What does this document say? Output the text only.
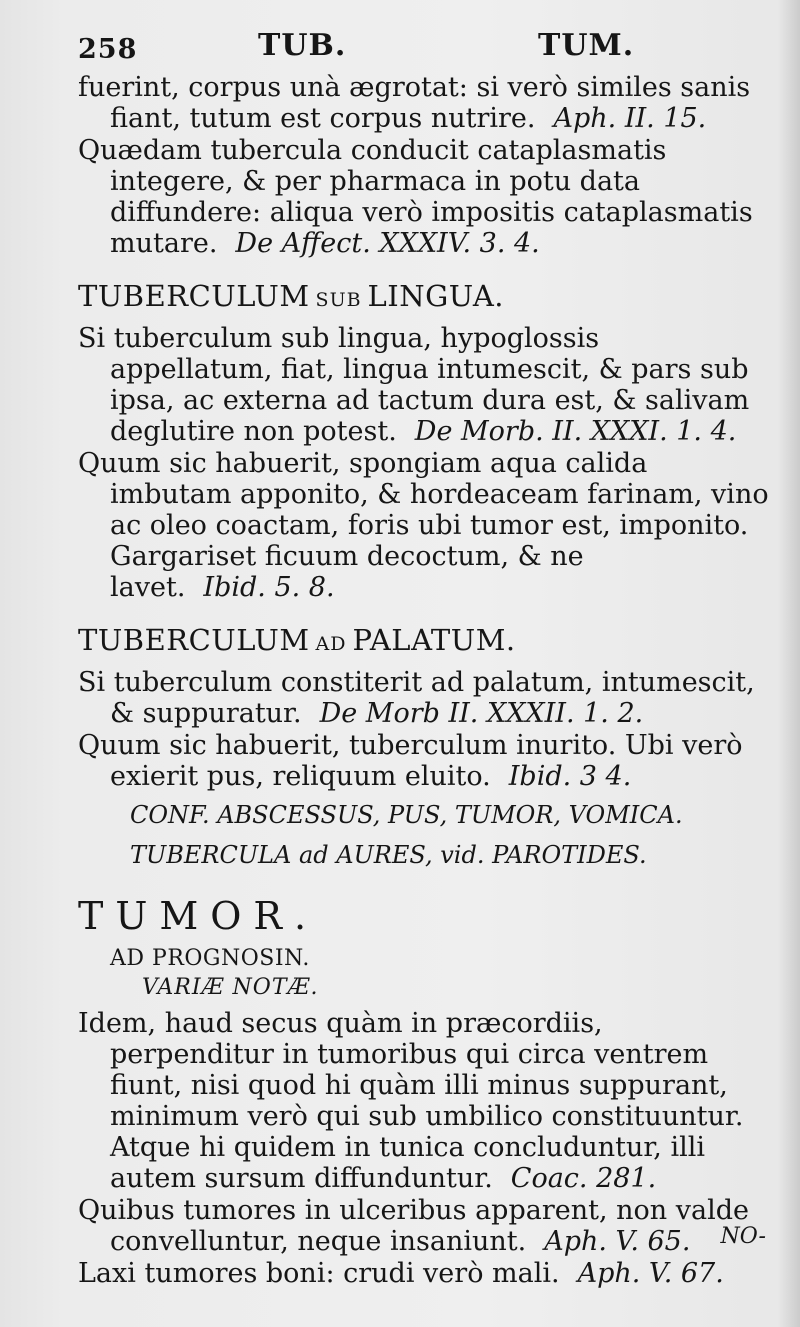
258	TUB.	TUM.

fuerint, corpus unà ægrotat: si verò similes sanis fiant, tutum est corpus nutrire. Aph. II. 15.

Quædam tubercula conducit cataplasmatis integere, & per pharmaca in potu data diffundere: aliqua verò impositis cataplasmatis mutare. De Affect. XXXIV. 3. 4.

TUBERCULUM SUB LINGUA.

Si tuberculum sub lingua, hypoglossis appellatum, fiat, lingua intumescit, & pars sub ipsa, ac externa ad tactum dura est, & salivam deglutire non potest. De Morb. II. XXXI. 1. 4.

Quum sic habuerit, spongiam aqua calida imbutam apponito, & hordeaceam farinam, vino ac oleo coactam, foris ubi tumor est, imponito. Gargariset ficuum decoctum, & ne lavet. Ibid. 5. 8.

TUBERCULUM AD PALATUM.

Si tuberculum constiterit ad palatum, intumescit, & suppuratur. De Morb II. XXXII. 1. 2.

Quum sic habuerit, tuberculum inurito. Ubi verò exierit pus, reliquum eluito. Ibid. 3 4.

CONF. ABSCESSUS, PUS, TUMOR, VOMICA.
TUBERCULA ad AURES, vid. PAROTIDES.
TUMOR.
AD PROGNOSIN.
VARIÆ NOTÆ.

Idem, haud secus quàm in præcordiis, perpenditur in tumoribus qui circa ventrem fiunt, nisi quod hi quàm illi minus suppurant, minimum verò qui sub umbilico constituuntur. Atque hi quidem in tunica concluduntur, illi autem sursum diffunduntur. Coac. 281.

Quibus tumores in ulceribus apparent, non valde convelluntur, neque insaniunt. Aph. V. 65.

Laxi tumores boni: crudi verò mali. Aph. V. 67.

NO-
